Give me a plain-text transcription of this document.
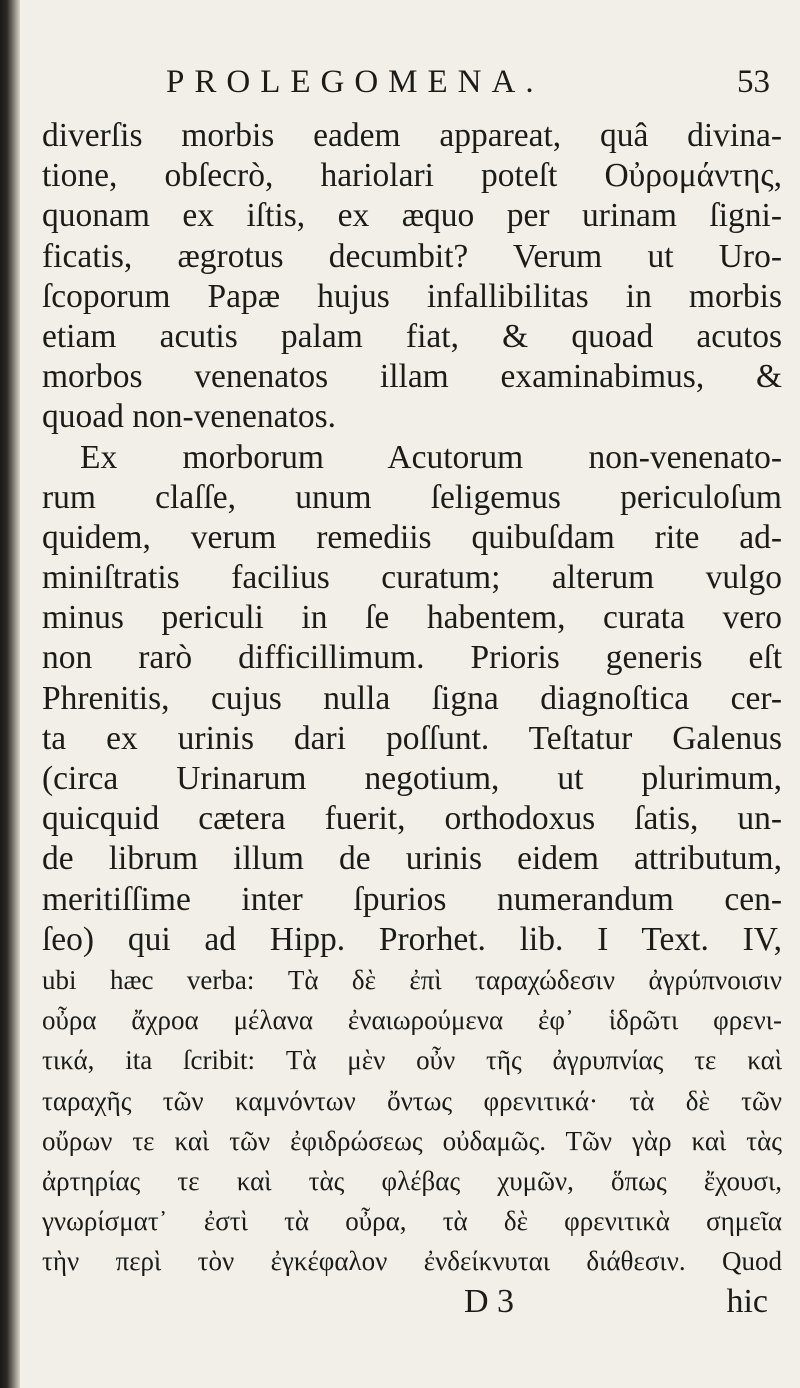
PROLEGOMENA.	53
diverſis morbis eadem appareat, quâ divina-
tione, obſecrò, hariolari poteſt Οὐρομάντης,
quonam ex iſtis, ex æquo per urinam ſigni-
ficatis, ægrotus decumbit? Verum ut Uro-
ſcoporum Papæ hujus infallibilitas in morbis
etiam acutis palam fiat, & quoad acutos
morbos venenatos illam examinabimus, &
quoad non-venenatos.
Ex morborum Acutorum non-venenato-
rum claſſe, unum ſeligemus periculoſum
quidem, verum remediis quibuſdam rite ad-
miniſtratis facilius curatum; alterum vulgo
minus periculi in ſe habentem, curata vero
non rarò difficillimum. Prioris generis eſt
Phrenitis, cujus nulla ſigna diagnoſtica cer-
ta ex urinis dari poſſunt. Teſtatur Galenus
(circa Urinarum negotium, ut plurimum,
quicquid cætera fuerit, orthodoxus ſatis, un-
de librum illum de urinis eidem attributum,
meritiſſime inter ſpurios numerandum cen-
ſeo) qui ad Hipp. Prorhet. lib. I Text. IV,
ubi hæc verba: Τὰ δὲ ἐπὶ ταραχώδεσιν ἀγρύπνοισιν
οὖρα ἄχροα μέλανα ἐναιωρούμενα ἐφ᾽ ἱδρῶτι φρενι-
τικά, ita ſcribit: Τὰ μὲν οὖν τῆς ἀγρυπνίας τε καὶ
ταραχῆς τῶν καμνόντων ὄντως φρενιτικά· τὰ δὲ τῶν
οὔρων τε καὶ τῶν ἐφιδρώσεως οὐδαμῶς. Τῶν γὰρ καὶ τὰς
ἀρτηρίας τε καὶ τὰς φλέβας χυμῶν, ὅπως ἔχουσι,
γνωρίσματ᾽ ἐστὶ τὰ οὖρα, τὰ δὲ φρενιτικὰ σημεῖα
τὴν περὶ τὸν ἐγκέφαλον ἐνδείκνυται διάθεσιν. Quod
D 3	hic
